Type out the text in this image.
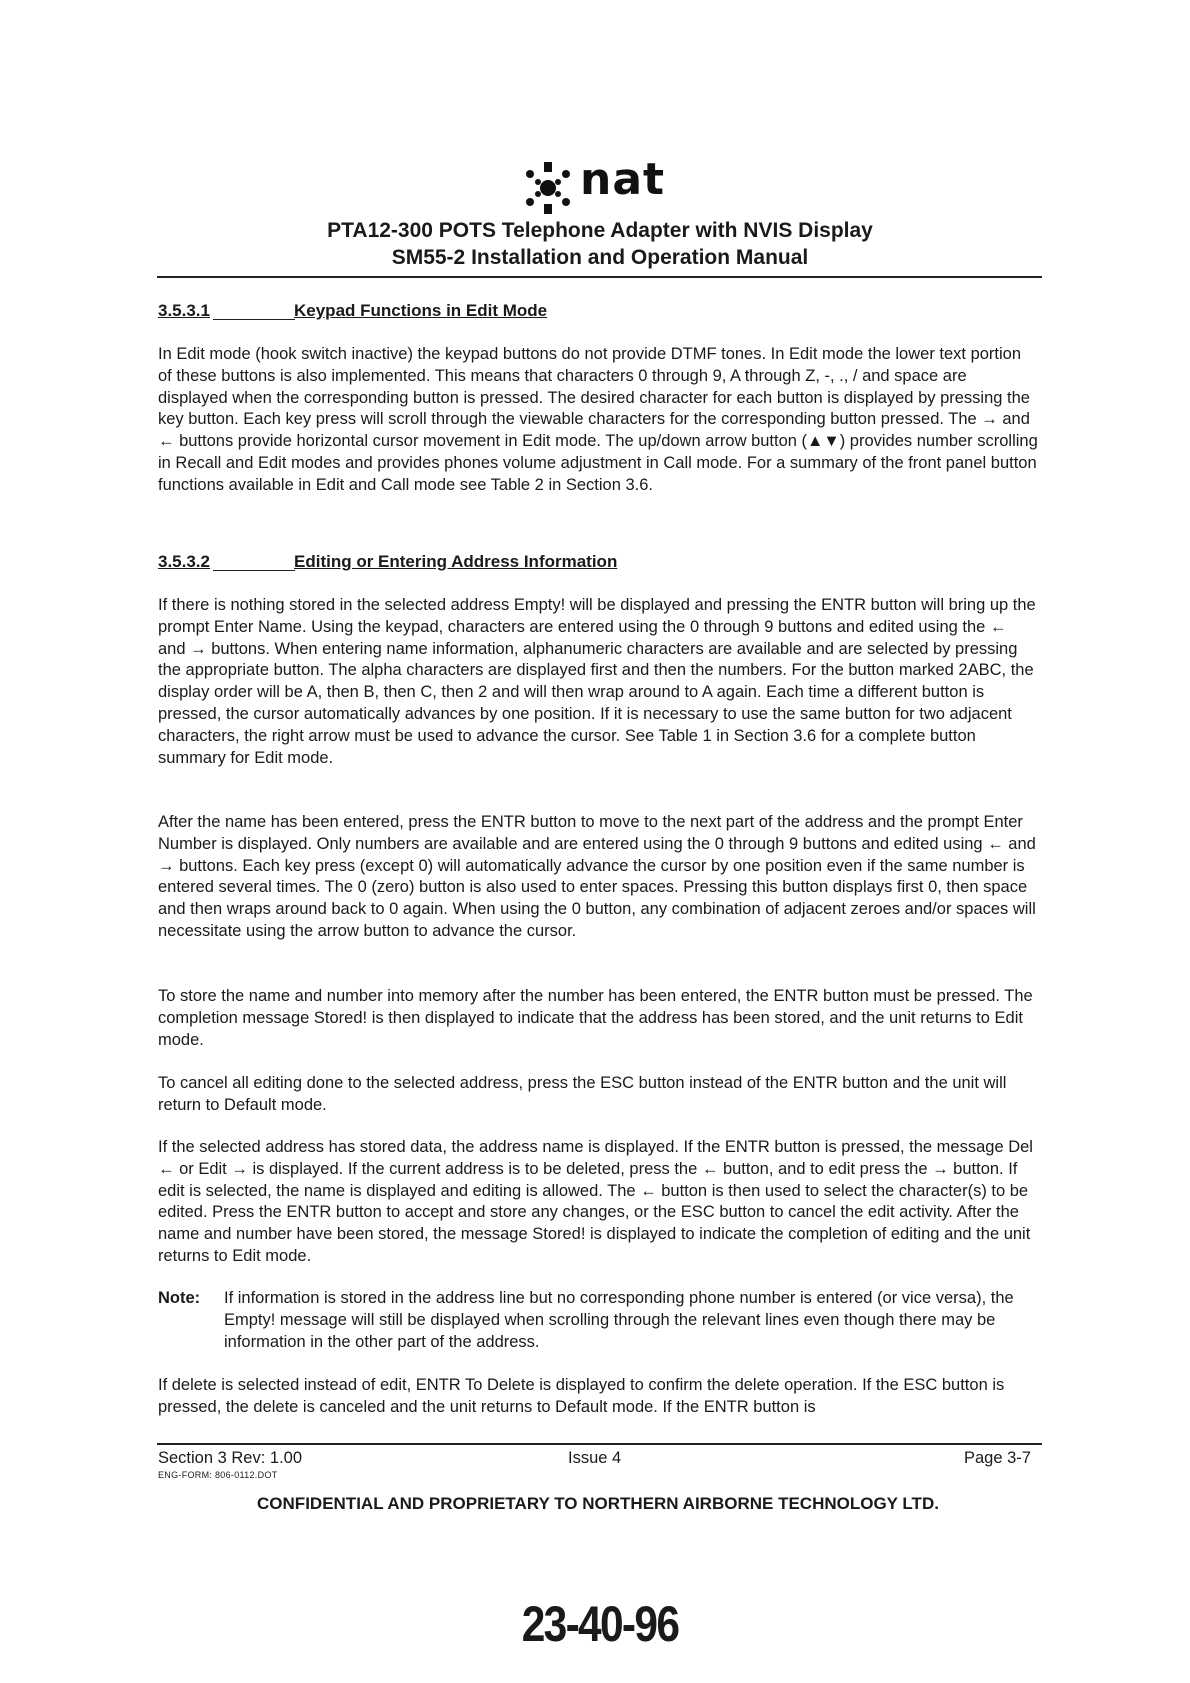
nat
PTA12-300 POTS Telephone Adapter with NVIS Display
SM55-2 Installation and Operation Manual
3.5.3.1	Keypad Functions in Edit Mode
In Edit mode (hook switch inactive) the keypad buttons do not provide DTMF tones. In Edit mode the lower text portion of these buttons is also implemented. This means that characters 0 through 9, A through Z, -, ., / and space are displayed when the corresponding button is pressed. The desired character for each button is displayed by pressing the key button. Each key press will scroll through the viewable characters for the corresponding button pressed. The → and ← buttons provide horizontal cursor movement in Edit mode. The up/down arrow button (▲▼) provides number scrolling in Recall and Edit modes and provides phones volume adjustment in Call mode. For a summary of the front panel button functions available in Edit and Call mode see Table 2 in Section 3.6.
3.5.3.2	Editing or Entering Address Information
If there is nothing stored in the selected address Empty! will be displayed and pressing the ENTR button will bring up the prompt Enter Name. Using the keypad, characters are entered using the 0 through 9 buttons and edited using the ← and → buttons. When entering name information, alphanumeric characters are available and are selected by pressing the appropriate button. The alpha characters are displayed first and then the numbers. For the button marked 2ABC, the display order will be A, then B, then C, then 2 and will then wrap around to A again. Each time a different button is pressed, the cursor automatically advances by one position. If it is necessary to use the same button for two adjacent characters, the right arrow must be used to advance the cursor. See Table 1 in Section 3.6 for a complete button summary for Edit mode.
After the name has been entered, press the ENTR button to move to the next part of the address and the prompt Enter Number is displayed. Only numbers are available and are entered using the 0 through 9 buttons and edited using ← and → buttons. Each key press (except 0) will automatically advance the cursor by one position even if the same number is entered several times. The 0 (zero) button is also used to enter spaces. Pressing this button displays first 0, then space and then wraps around back to 0 again. When using the 0 button, any combination of adjacent zeroes and/or spaces will necessitate using the arrow button to advance the cursor.
To store the name and number into memory after the number has been entered, the ENTR button must be pressed. The completion message Stored! is then displayed to indicate that the address has been stored, and the unit returns to Edit mode.
To cancel all editing done to the selected address, press the ESC button instead of the ENTR button and the unit will return to Default mode.
If the selected address has stored data, the address name is displayed. If the ENTR button is pressed, the message Del ← or Edit → is displayed. If the current address is to be deleted, press the ← button, and to edit press the → button. If edit is selected, the name is displayed and editing is allowed. The ← button is then used to select the character(s) to be edited. Press the ENTR button to accept and store any changes, or the ESC button to cancel the edit activity. After the name and number have been stored, the message Stored! is displayed to indicate the completion of editing and the unit returns to Edit mode.
Note: If information is stored in the address line but no corresponding phone number is entered (or vice versa), the Empty! message will still be displayed when scrolling through the relevant lines even though there may be information in the other part of the address.
If delete is selected instead of edit, ENTR To Delete is displayed to confirm the delete operation. If the ESC button is pressed, the delete is canceled and the unit returns to Default mode. If the ENTR button is
Section 3 Rev: 1.00	Issue 4	Page 3-7
ENG-FORM: 806-0112.DOT
CONFIDENTIAL AND PROPRIETARY TO NORTHERN AIRBORNE TECHNOLOGY LTD.
23-40-96
